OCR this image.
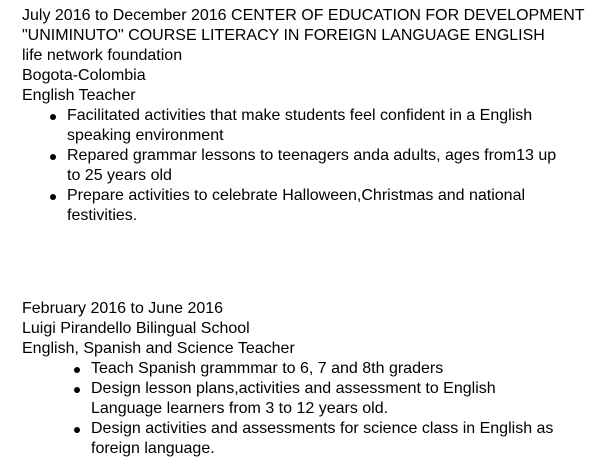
July 2016 to December 2016 CENTER OF EDUCATION FOR DEVELOPMENT

"UNIMINUTO" COURSE LITERACY IN FOREIGN LANGUAGE ENGLISH

life network foundation

Bogota-Colombia

English Teacher

Facilitated activities that make students feel confident in a English
speaking environment
Repared grammar lessons to teenagers anda adults, ages from13 up
to 25 years old
Prepare activities to celebrate Halloween,Christmas and national
festivities.

February 2016 to June 2016

Luigi Pirandello Bilingual School

English, Spanish and Science Teacher

Teach Spanish grammmar to 6, 7 and 8th graders
Design lesson plans,activities and assessment to English
Language learners from 3 to 12 years old.
Design activities and assessments for science class in English as
foreign language.
